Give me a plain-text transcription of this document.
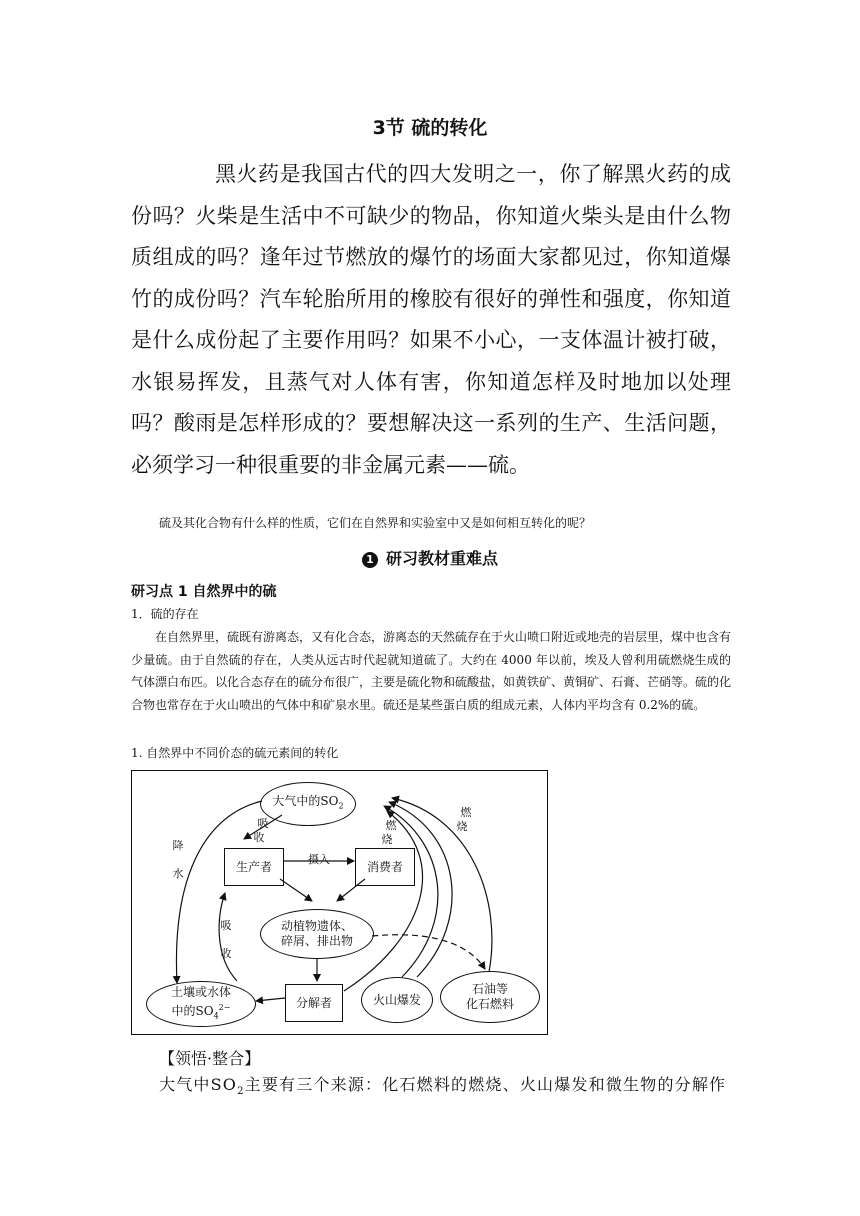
3节 硫的转化

黑火药是我国古代的四大发明之一，你了解黑火药的成份吗？火柴是生活中不可缺少的物品，你知道火柴头是由什么物质组成的吗？逢年过节燃放的爆竹的场面大家都见过，你知道爆竹的成份吗？汽车轮胎所用的橡胶有很好的弹性和强度，你知道是什么成份起了主要作用吗？如果不小心，一支体温计被打破，水银易挥发，且蒸气对人体有害，你知道怎样及时地加以处理吗？酸雨是怎样形成的？要想解决这一系列的生产、生活问题，必须学习一种很重要的非金属元素——硫。

硫及其化合物有什么样的性质，它们在自然界和实验室中又是如何相互转化的呢？
1 研习教材重难点
研习点 1 自然界中的硫
1．硫的存在

在自然界里，硫既有游离态，又有化合态，游离态的天然硫存在于火山喷口附近或地壳的岩层里，煤中也含有少量硫。由于自然硫的存在，人类从远古时代起就知道硫了。大约在 4000 年以前，埃及人曾利用硫燃烧生成的气体漂白布匹。以化合态存在的硫分布很广，主要是硫化物和硫酸盐，如黄铁矿、黄铜矿、石膏、芒硝等。硫的化合物也常存在于火山喷出的气体中和矿泉水里。硫还是某些蛋白质的组成元素，人体内平均含有 0.2%的硫。

1. 自然界中不同价态的硫元素间的转化
大气中的$SO_2$
生产者	消费者
动植物遗体、
碎屑、排出物
土壤或水体
中的$SO_4^{2-}$	分解者	火山爆发
石油等
化石燃料
降

水
吸
收
摄入
吸

收
燃
烧
燃
烧
【领悟·整合】
大气中$SO_2$主要有三个来源：化石燃料的燃烧、火山爆发和微生物的分解作
